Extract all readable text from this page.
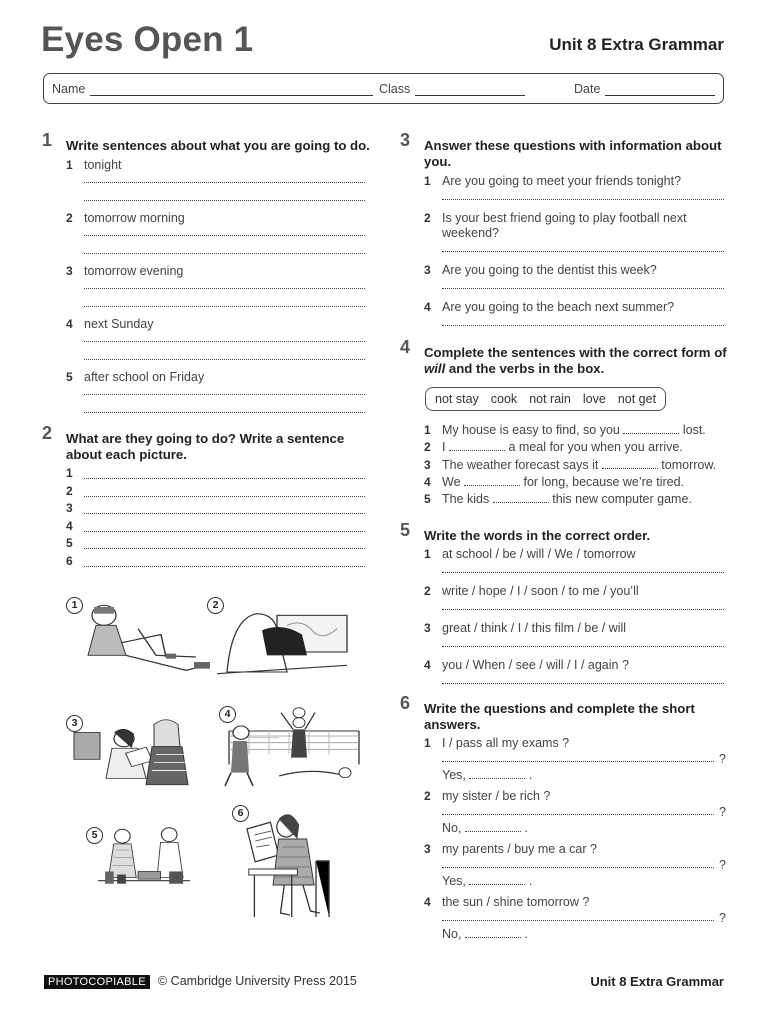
Eyes Open 1	Unit 8 Extra Grammar
Name	Class	Date
1	Write sentences about what you are going to do.
1 tonight
2 tomorrow morning
3 tomorrow evening
4 next Sunday
5 after school on Friday
2	What are they going to do? Write a sentence about each picture.
1
2
3
4
5
6
1	2
3
4
5
6
3	Answer these questions with information about you.
1 Are you going to meet your friends tonight?
2 Is your best friend going to play football next weekend?
3 Are you going to the dentist this week?
4 Are you going to the beach next summer?
4	Complete the sentences with the correct form of will and the verbs in the box.
not stay cook not rain love not get
1 My house is easy to find, so you	lost.
2 I	a meal for you when you arrive.
3 The weather forecast says it	tomorrow.
4 We	for long, because we’re tired.
5 The kids	this new computer game.
5	Write the words in the correct order.
1 at school / be / will / We / tomorrow
2 write / hope / I / soon / to me / you’ll
3 great / think / I / this film / be / will
4 you / When / see / will / I / again ?
6	Write the questions and complete the short answers.
1 I / pass all my exams ?
?
Yes,	.
2 my sister / be rich ?
?
No,	.
3 my parents / buy me a car ?
?
Yes,	.
4 the sun / shine tomorrow ?
?
No,	.
PHOTOCOPIABLE © Cambridge University Press 2015	Unit 8 Extra Grammar
